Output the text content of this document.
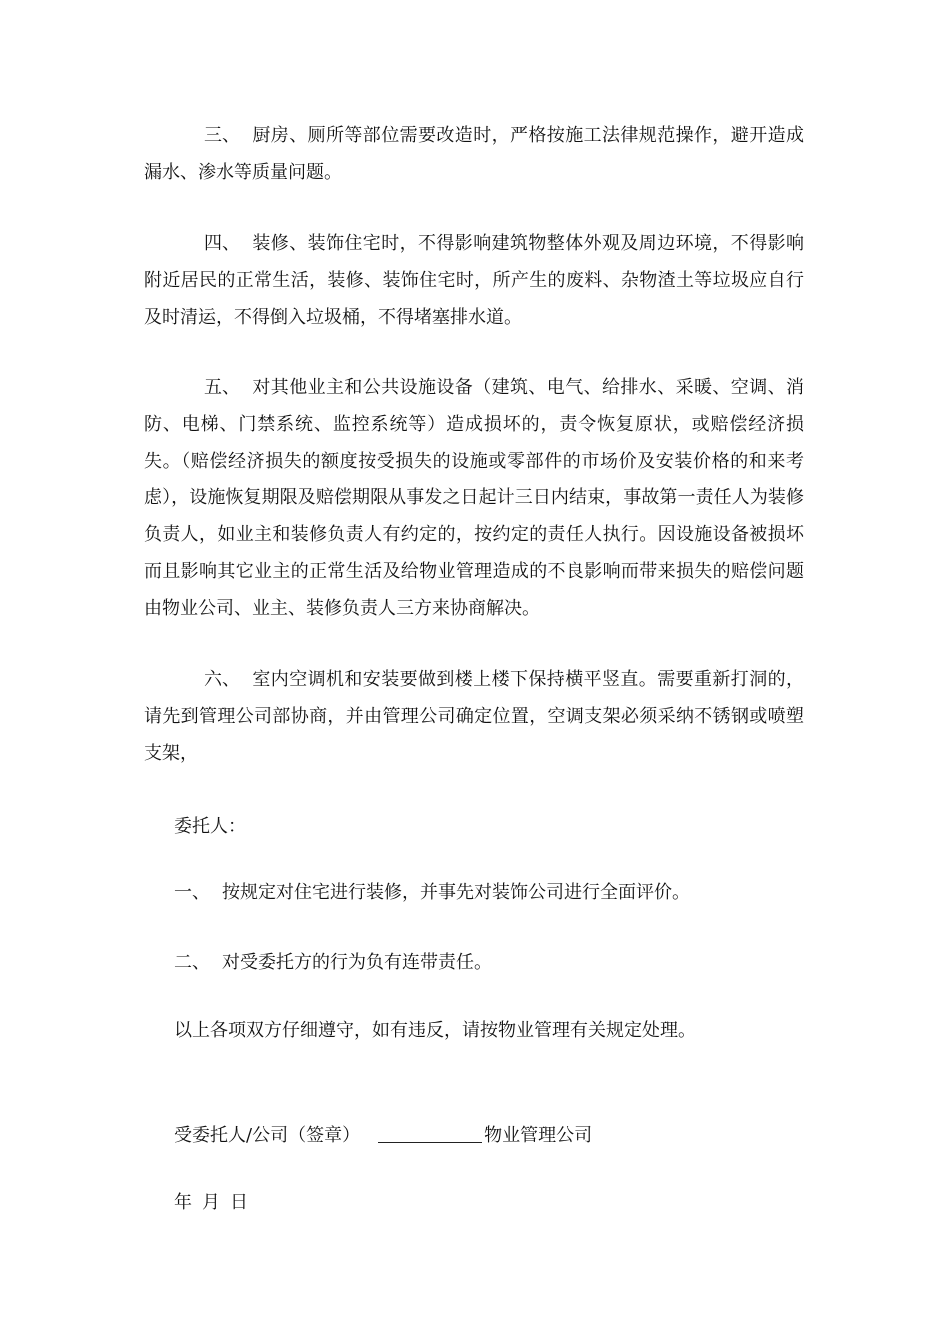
三、 厨房、厕所等部位需要改造时，严格按施工法律规范操作，避开造成漏水、渗水等质量问题。

四、 装修、装饰住宅时，不得影响建筑物整体外观及周边环境，不得影响附近居民的正常生活，装修、装饰住宅时，所产生的废料、杂物渣土等垃圾应自行及时清运，不得倒入垃圾桶，不得堵塞排水道。

五、 对其他业主和公共设施设备（建筑、电气、给排水、采暖、空调、消防、电梯、门禁系统、监控系统等）造成损坏的，责令恢复原状，或赔偿经济损失。（赔偿经济损失的额度按受损失的设施或零部件的市场价及安装价格的和来考虑），设施恢复期限及赔偿期限从事发之日起计三日内结束，事故第一责任人为装修负责人，如业主和装修负责人有约定的，按约定的责任人执行。因设施设备被损坏而且影响其它业主的正常生活及给物业管理造成的不良影响而带来损失的赔偿问题由物业公司、业主、装修负责人三方来协商解决。

六、 室内空调机和安装要做到楼上楼下保持横平竖直。需要重新打洞的，请先到管理公司部协商，并由管理公司确定位置，空调支架必须采纳不锈钢或喷塑支架，

委托人：

一、 按规定对住宅进行装修，并事先对装饰公司进行全面评价。

二、 对受委托方的行为负有连带责任。

以上各项双方仔细遵守，如有违反，请按物业管理有关规定处理。

受委托人/公司（签章）	物业管理公司

年 月 日
